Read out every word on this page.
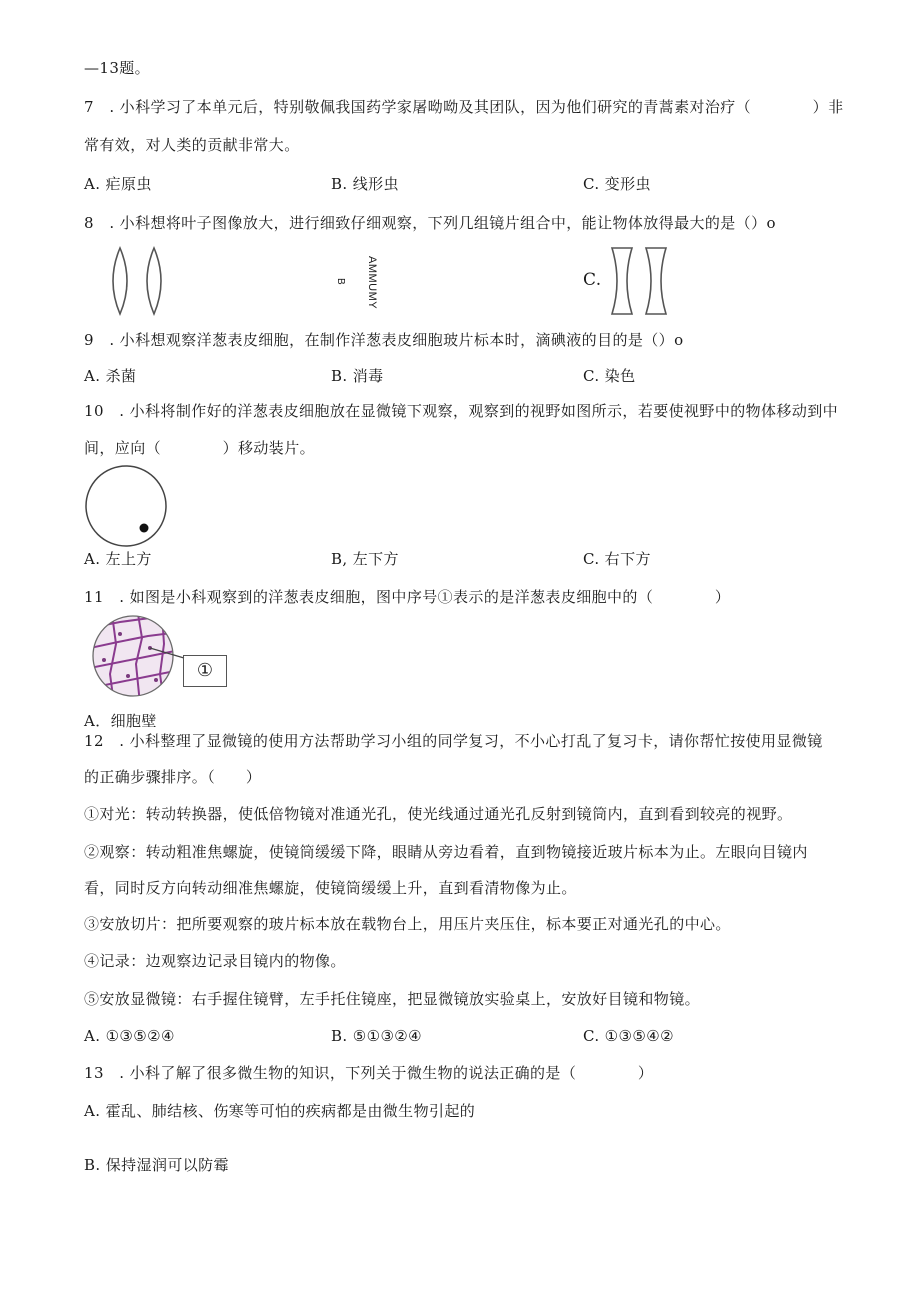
—13题。
7　. 小科学习了本单元后，特别敬佩我国药学家屠呦呦及其团队，因为他们研究的青蒿素对治疗（　　　　）非
常有效，对人类的贡献非常大。
A. 疟原虫	B. 线形虫	C. 变形虫
8　. 小科想将叶子图像放大，进行细致仔细观察，下列几组镜片组合中，能让物体放得最大的是（）o
AMMUMY
B	C.
9　. 小科想观察洋葱表皮细胞，在制作洋葱表皮细胞玻片标本时，滴碘液的目的是（）o
A. 杀菌	B. 消毒	C. 染色
10　. 小科将制作好的洋葱表皮细胞放在显微镜下观察，观察到的视野如图所示，若要使视野中的物体移动到中
间，应向（　　　　）移动装片。
A. 左上方	B, 左下方	C. 右下方
11　. 如图是小科观察到的洋葱表皮细胞，图中序号①表示的是洋葱表皮细胞中的（　　　　）
①
A．细胞壁
12　. 小科整理了显微镜的使用方法帮助学习小组的同学复习，不小心打乱了复习卡，请你帮忙按使用显微镜
的正确步骤排序。（　　）
①对光：转动转换器，使低倍物镜对准通光孔，使光线通过通光孔反射到镜筒内，直到看到较亮的视野。
②观察：转动粗准焦螺旋，使镜筒缓缓下降，眼睛从旁边看着，直到物镜接近玻片标本为止。左眼向目镜内
看，同时反方向转动细准焦螺旋，使镜筒缓缓上升，直到看清物像为止。
③安放切片：把所要观察的玻片标本放在载物台上，用压片夹压住，标本要正对通光孔的中心。
④记录：边观察边记录目镜内的物像。
⑤安放显微镜：右手握住镜臂，左手托住镜座，把显微镜放实验桌上，安放好目镜和物镜。
A. ①③⑤②④	B. ⑤①③②④	C. ①③⑤④②
13　. 小科了解了很多微生物的知识，下列关于微生物的说法正确的是（　　　　）
A. 霍乱、肺结核、伤寒等可怕的疾病都是由微生物引起的
B. 保持湿润可以防霉
